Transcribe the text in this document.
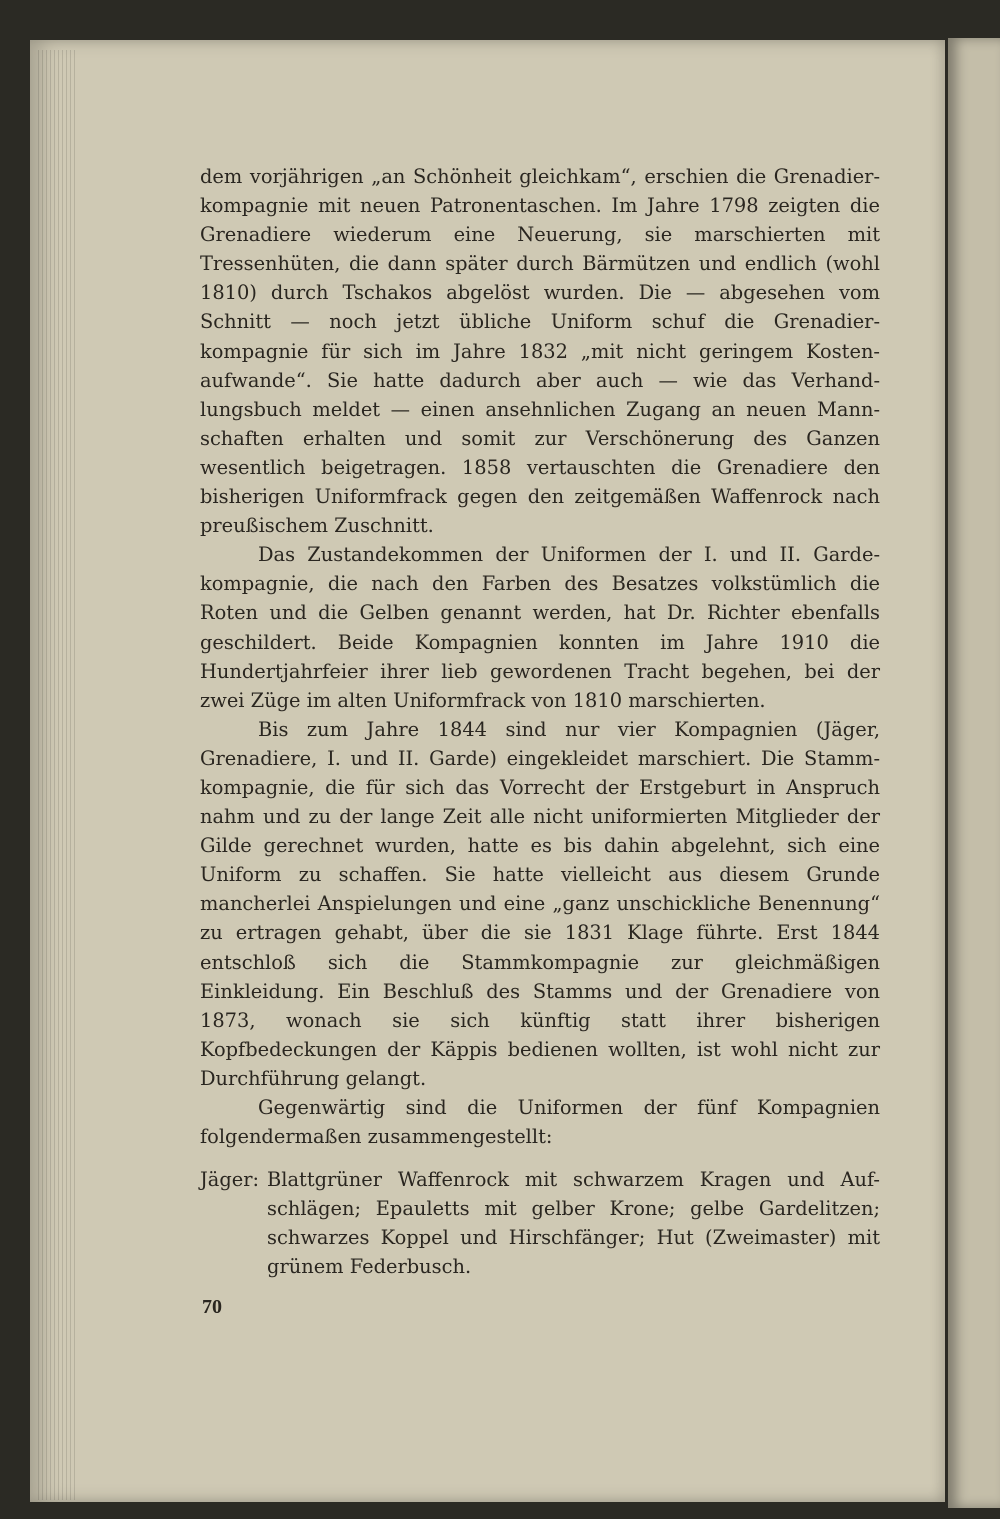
dem vorjährigen „an Schönheit gleichkam“, erschien die Grenadier-kompagnie mit neuen Patronentaschen. Im Jahre 1798 zeigten die Grenadiere wiederum eine Neuerung, sie marschierten mit Tressenhüten, die dann später durch Bärmützen und endlich (wohl 1810) durch Tschakos abgelöst wurden. Die — abgesehen vom Schnitt — noch jetzt übliche Uniform schuf die Grenadier-kompagnie für sich im Jahre 1832 „mit nicht geringem Kosten-aufwande“. Sie hatte dadurch aber auch — wie das Verhand-lungsbuch meldet — einen ansehnlichen Zugang an neuen Mann-schaften erhalten und somit zur Verschönerung des Ganzen wesentlich beigetragen. 1858 vertauschten die Grenadiere den bisherigen Uniformfrack gegen den zeitgemäßen Waffenrock nach preußischem Zuschnitt.

Das Zustandekommen der Uniformen der I. und II. Garde-kompagnie, die nach den Farben des Besatzes volkstümlich die Roten und die Gelben genannt werden, hat Dr. Richter ebenfalls geschildert. Beide Kompagnien konnten im Jahre 1910 die Hundertjahrfeier ihrer lieb gewordenen Tracht begehen, bei der zwei Züge im alten Uniformfrack von 1810 marschierten.

Bis zum Jahre 1844 sind nur vier Kompagnien (Jäger, Grenadiere, I. und II. Garde) eingekleidet marschiert. Die Stamm-kompagnie, die für sich das Vorrecht der Erstgeburt in Anspruch nahm und zu der lange Zeit alle nicht uniformierten Mitglieder der Gilde gerechnet wurden, hatte es bis dahin abgelehnt, sich eine Uniform zu schaffen. Sie hatte vielleicht aus diesem Grunde mancherlei Anspielungen und eine „ganz unschickliche Benennung“ zu ertragen gehabt, über die sie 1831 Klage führte. Erst 1844 entschloß sich die Stammkompagnie zur gleichmäßigen Einkleidung. Ein Beschluß des Stamms und der Grenadiere von 1873, wonach sie sich künftig statt ihrer bisherigen Kopfbedeckungen der Käppis bedienen wollten, ist wohl nicht zur Durchführung gelangt.

Gegenwärtig sind die Uniformen der fünf Kompagnien folgendermaßen zusammengestellt:

Jäger: Blattgrüner Waffenrock mit schwarzem Kragen und Auf-schlägen; Epauletts mit gelber Krone; gelbe Gardelitzen; schwarzes Koppel und Hirschfänger; Hut (Zweimaster) mit grünem Federbusch.
70
